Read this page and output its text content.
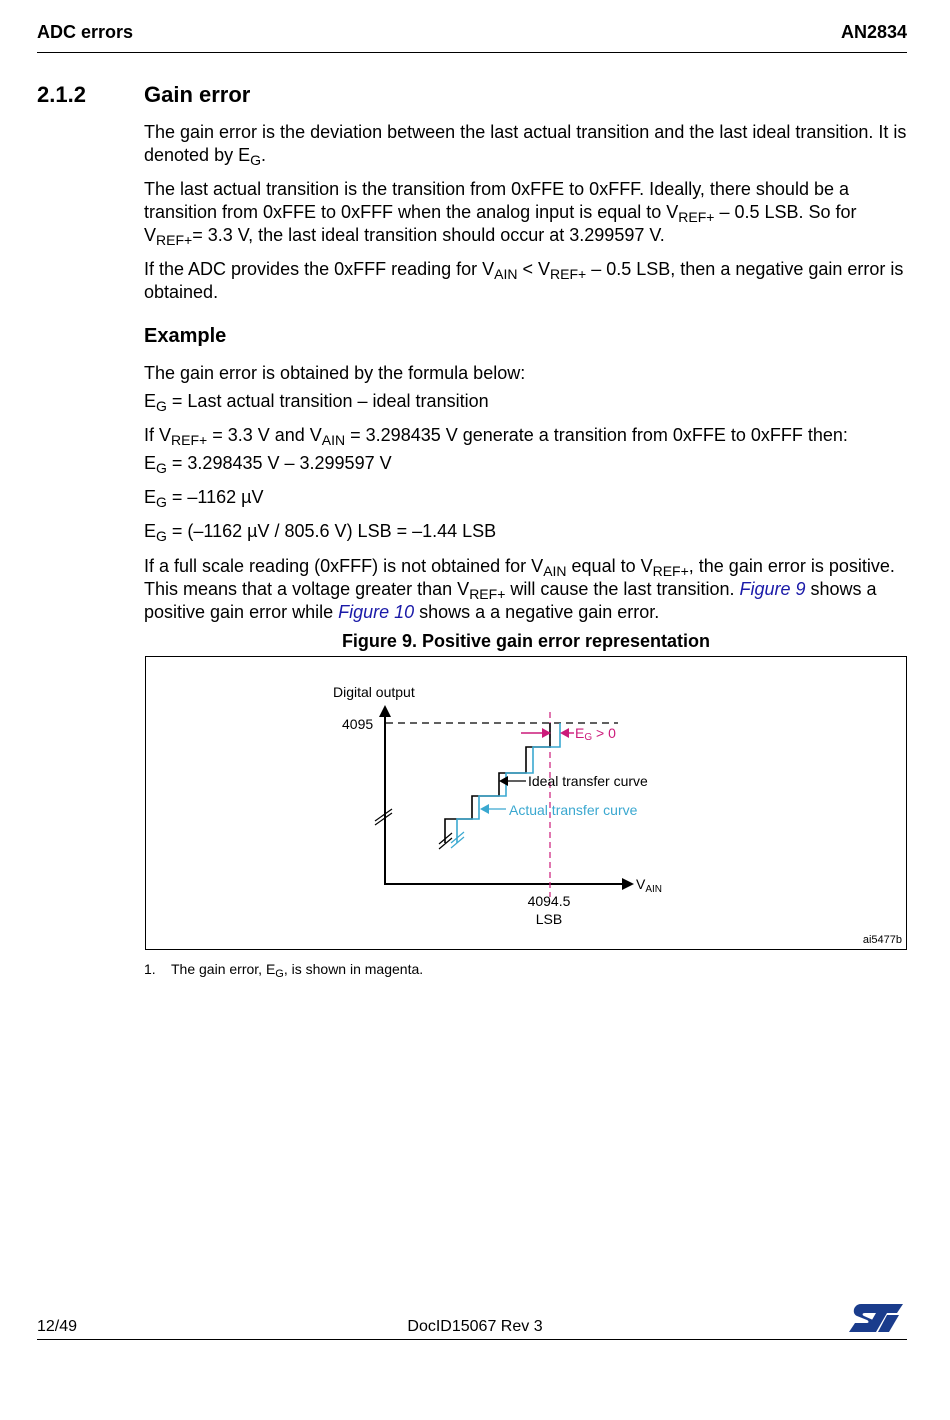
ADC errors	AN2834
2.1.2	Gain error

The gain error is the deviation between the last actual transition and the last ideal transition. It is denoted by $E_G$.

The last actual transition is the transition from 0xFFE to 0xFFF. Ideally, there should be a transition from 0xFFE to 0xFFF when the analog input is equal to $V_{REF+} - 0.5$ LSB. So for $V_{REF+}= 3.3$ V, the last ideal transition should occur at 3.299597 V.

If the ADC provides the 0xFFF reading for $V_{AIN} < V_{REF+} - 0.5$ LSB, then a negative gain error is obtained.

Example

The gain error is obtained by the formula below:

$E_G$ = Last actual transition – ideal transition

If $V_{REF+} = 3.3$ V and $V_{AIN} = 3.298435$ V generate a transition from 0xFFE to 0xFFF then:

$E_G = 3.298435$ V – 3.299597 V

$E_G = -1162$ µV

$E_G = (-1162$ µV / 805.6 V) LSB = –1.44 LSB

If a full scale reading (0xFFF) is not obtained for $V_{AIN}$ equal to $V_{REF+}$, the gain error is positive. This means that a voltage greater than $V_{REF+}$ will cause the last transition. Figure 9 shows a positive gain error while Figure 10 shows a a negative gain error.

Figure 9. Positive gain error representation
Digital output
4095
EG > 0
Ideal transfer curve
Actual transfer curve
$V_{AIN}$
4094.5
LSB
ai5477b
1. The gain error, $E_G$, is shown in magenta.
12/49	DocID15067 Rev 3
